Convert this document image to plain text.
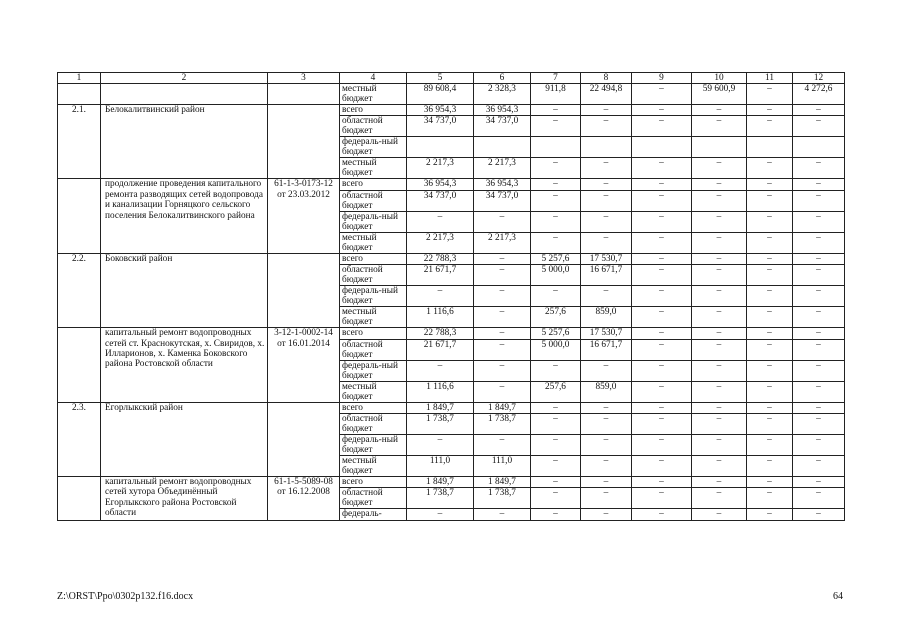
1	2	3	4	5	6	7	8	9	10	11	12
			местный бюджет	89 608,4	2 328,3	911,8	22 494,8	–	59 600,9	–	4 272,6
2.1.	Белокалитвинский район		всего	36 954,3	36 954,3	–	–	–	–	–	–
			областной бюджет	34 737,0	34 737,0	–	–	–	–	–	–
			федераль-ный бюджет								
			местный бюджет	2 217,3	2 217,3	–	–	–	–	–	–
	продолжение проведения капитального ремонта разводящих сетей водопровода и канализации Горняцкого сельского поселения Белокалитвинского района	61-1-3-0173-12 от 23.03.2012	всего	36 954,3	36 954,3	–	–	–	–	–	–
			областной бюджет	34 737,0	34 737,0	–	–	–	–	–	–
			федераль-ный бюджет	–	–	–	–	–	–	–	–
			местный бюджет	2 217,3	2 217,3	–	–	–	–	–	–
2.2.	Боковский район		всего	22 788,3	–	5 257,6	17 530,7	–	–	–	–
			областной бюджет	21 671,7	–	5 000,0	16 671,7	–	–	–	–
			федераль-ный бюджет	–	–	–	–	–	–	–	–
			местный бюджет	1 116,6	–	257,6	859,0	–	–	–	–
	капитальный ремонт водопроводных сетей ст. Краснокутская, х. Свиридов, х. Илларионов, х. Каменка Боковского района Ростовской области	3-12-1-0002-14 от 16.01.2014	всего	22 788,3	–	5 257,6	17 530,7	–	–	–	–
			областной бюджет	21 671,7	–	5 000,0	16 671,7	–	–	–	–
			федераль-ный бюджет	–	–	–	–	–	–	–	–
			местный бюджет	1 116,6	–	257,6	859,0	–	–	–	–
2.3.	Егорлыкский район		всего	1 849,7	1 849,7	–	–	–	–	–	–
			областной бюджет	1 738,7	1 738,7	–	–	–	–	–	–
			федераль-ный бюджет	–	–	–	–	–	–	–	–
			местный бюджет	111,0	111,0	–	–	–	–	–	–
	капитальный ремонт водопроводных сетей хутора Объединённый Егорлыкского района Ростовской области	61-1-5-5089-08 от 16.12.2008	всего	1 849,7	1 849,7	–	–	–	–	–	–
			областной бюджет	1 738,7	1 738,7	–	–	–	–	–	–
			федераль-	–	–	–	–	–	–	–	–
Z:\ORST\Ppo\0302p132.f16.docx	64
